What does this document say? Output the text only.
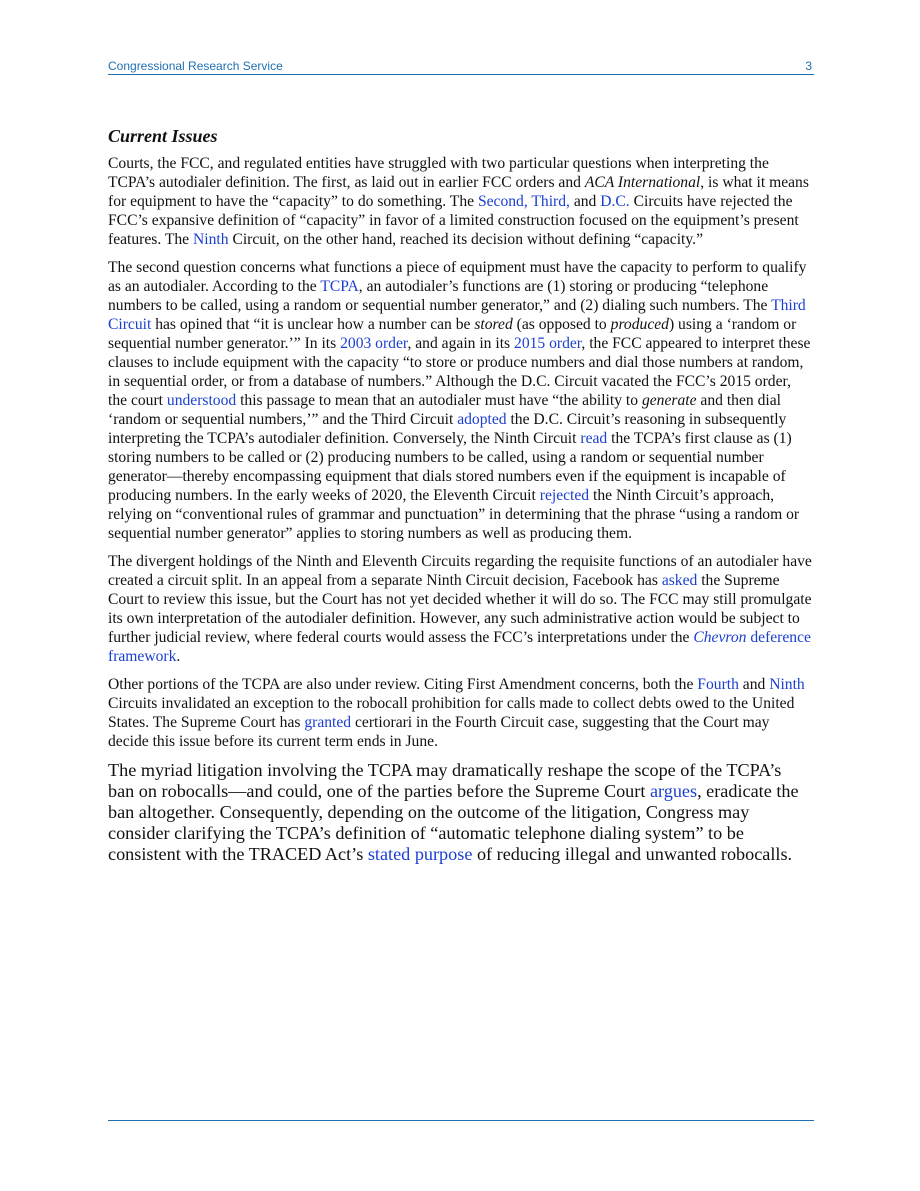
Congressional Research Service	3
Current Issues

Courts, the FCC, and regulated entities have struggled with two particular questions when interpreting the TCPA’s autodialer definition. The first, as laid out in earlier FCC orders and ACA International, is what it means for equipment to have the “capacity” to do something. The Second, Third, and D.C. Circuits have rejected the FCC’s expansive definition of “capacity” in favor of a limited construction focused on the equipment’s present features. The Ninth Circuit, on the other hand, reached its decision without defining “capacity.”

The second question concerns what functions a piece of equipment must have the capacity to perform to qualify as an autodialer. According to the TCPA, an autodialer’s functions are (1) storing or producing “telephone numbers to be called, using a random or sequential number generator,” and (2) dialing such numbers. The Third Circuit has opined that “it is unclear how a number can be stored (as opposed to produced) using a ‘random or sequential number generator.’” In its 2003 order, and again in its 2015 order, the FCC appeared to interpret these clauses to include equipment with the capacity “to store or produce numbers and dial those numbers at random, in sequential order, or from a database of numbers.” Although the D.C. Circuit vacated the FCC’s 2015 order, the court understood this passage to mean that an autodialer must have “the ability to generate and then dial ‘random or sequential numbers,’” and the Third Circuit adopted the D.C. Circuit’s reasoning in subsequently interpreting the TCPA’s autodialer definition. Conversely, the Ninth Circuit read the TCPA’s first clause as (1) storing numbers to be called or (2) producing numbers to be called, using a random or sequential number generator—thereby encompassing equipment that dials stored numbers even if the equipment is incapable of producing numbers. In the early weeks of 2020, the Eleventh Circuit rejected the Ninth Circuit’s approach, relying on “conventional rules of grammar and punctuation” in determining that the phrase “using a random or sequential number generator” applies to storing numbers as well as producing them.

The divergent holdings of the Ninth and Eleventh Circuits regarding the requisite functions of an autodialer have created a circuit split. In an appeal from a separate Ninth Circuit decision, Facebook has asked the Supreme Court to review this issue, but the Court has not yet decided whether it will do so. The FCC may still promulgate its own interpretation of the autodialer definition. However, any such administrative action would be subject to further judicial review, where federal courts would assess the FCC’s interpretations under the Chevron deference framework.

Other portions of the TCPA are also under review. Citing First Amendment concerns, both the Fourth and Ninth Circuits invalidated an exception to the robocall prohibition for calls made to collect debts owed to the United States. The Supreme Court has granted certiorari in the Fourth Circuit case, suggesting that the Court may decide this issue before its current term ends in June.

The myriad litigation involving the TCPA may dramatically reshape the scope of the TCPA’s ban on robocalls—and could, one of the parties before the Supreme Court argues, eradicate the ban altogether. Consequently, depending on the outcome of the litigation, Congress may consider clarifying the TCPA’s definition of “automatic telephone dialing system” to be consistent with the TRACED Act’s stated purpose of reducing illegal and unwanted robocalls.
